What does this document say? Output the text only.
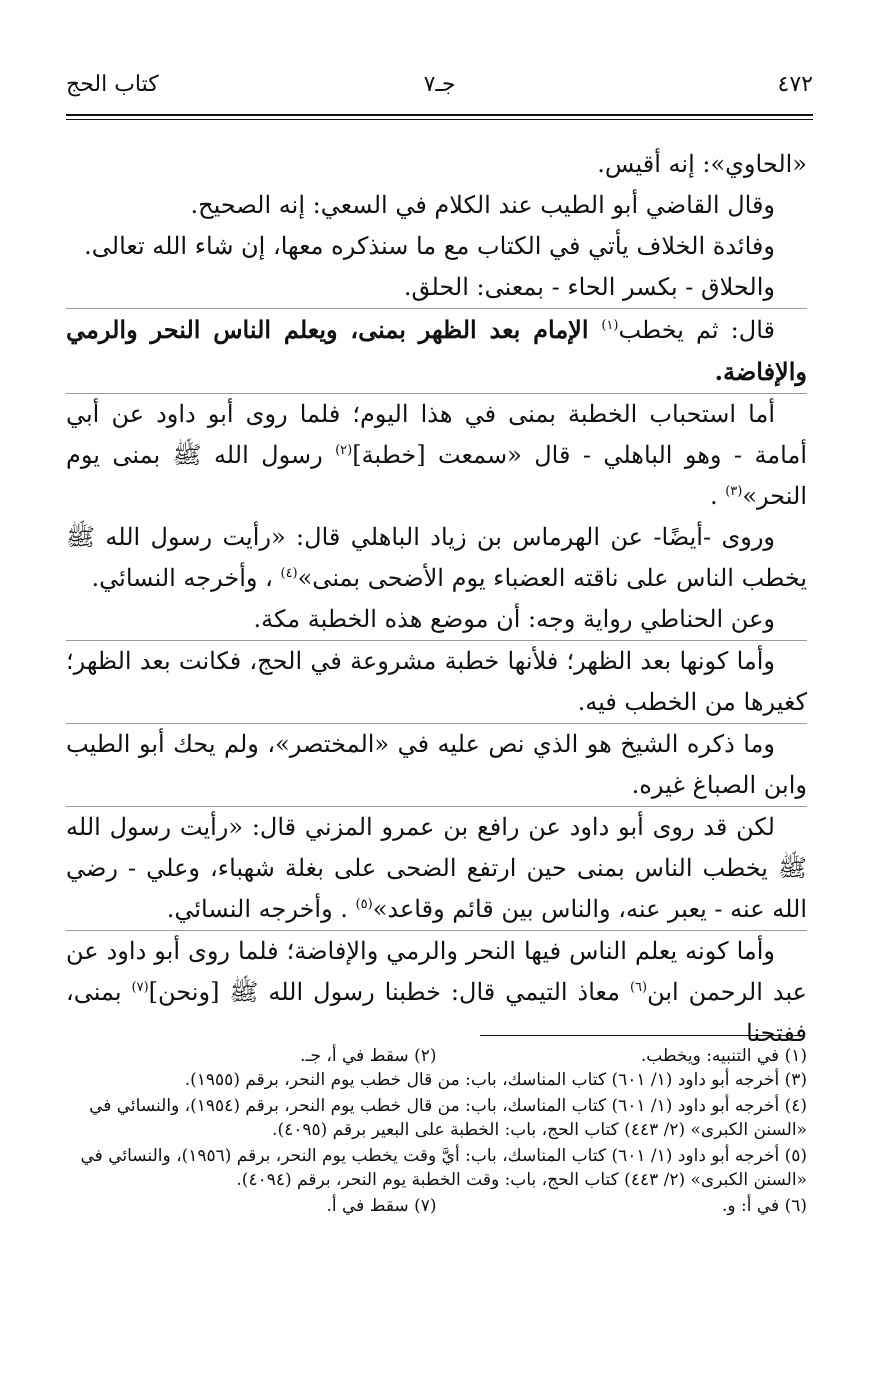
٤٧٢
جـ٧
كتاب الحج

«الحاوي»: إنه أقيس.

وقال القاضي أبو الطيب عند الكلام في السعي: إنه الصحيح.

وفائدة الخلاف يأتي في الكتاب مع ما سنذكره معها، إن شاء الله تعالى.

والحلاق - بكسر الحاء - بمعنى: الحلق.

قال: ثم يخطب$^{(١)}$ الإمام بعد الظهر بمنى، ويعلم الناس النحر والرمي والإفاضة.

أما استحباب الخطبة بمنى في هذا اليوم؛ فلما روى أبو داود عن أبي أمامة - وهو الباهلي - قال «سمعت [خطبة]$^{(٢)}$ رسول الله ﷺ بمنى يوم النحر»$^{(٣)}$ .

وروى -أيضًا- عن الهرماس بن زياد الباهلي قال: «رأيت رسول الله ﷺ يخطب الناس على ناقته العضباء يوم الأضحى بمنى»$^{(٤)}$ ، وأخرجه النسائي.

وعن الحناطي رواية وجه: أن موضع هذه الخطبة مكة.

وأما كونها بعد الظهر؛ فلأنها خطبة مشروعة في الحج، فكانت بعد الظهر؛ كغيرها من الخطب فيه.

وما ذكره الشيخ هو الذي نص عليه في «المختصر»، ولم يحك أبو الطيب وابن الصباغ غيره.

لكن قد روى أبو داود عن رافع بن عمرو المزني قال: «رأيت رسول الله ﷺ يخطب الناس بمنى حين ارتفع الضحى على بغلة شهباء، وعلي - رضي الله عنه - يعبر عنه، والناس بين قائم وقاعد»$^{(٥)}$ . وأخرجه النسائي.

وأما كونه يعلم الناس فيها النحر والرمي والإفاضة؛ فلما روى أبو داود عن عبد الرحمن ابن$^{(٦)}$ معاذ التيمي قال: خطبنا رسول الله ﷺ [ونحن]$^{(٧)}$ بمنى، ففتحنا

(١) في التنبيه: ويخطب.
(٢) سقط في أ، جـ.

(٣) أخرجه أبو داود (١/ ٦٠١) كتاب المناسك، باب: من قال خطب يوم النحر، برقم (١٩٥٥).

(٤) أخرجه أبو داود (١/ ٦٠١) كتاب المناسك، باب: من قال خطب يوم النحر، برقم (١٩٥٤)، والنسائي في «السنن الكبرى» (٢/ ٤٤٣) كتاب الحج، باب: الخطبة على البعير برقم (٤٠٩٥).

(٥) أخرجه أبو داود (١/ ٦٠١) كتاب المناسك، باب: أيَّ وقت يخطب يوم النحر، برقم (١٩٥٦)، والنسائي في «السنن الكبرى» (٢/ ٤٤٣) كتاب الحج، باب: وقت الخطبة يوم النحر، برقم (٤٠٩٤).

(٦) في أ: و.
(٧) سقط في أ.
